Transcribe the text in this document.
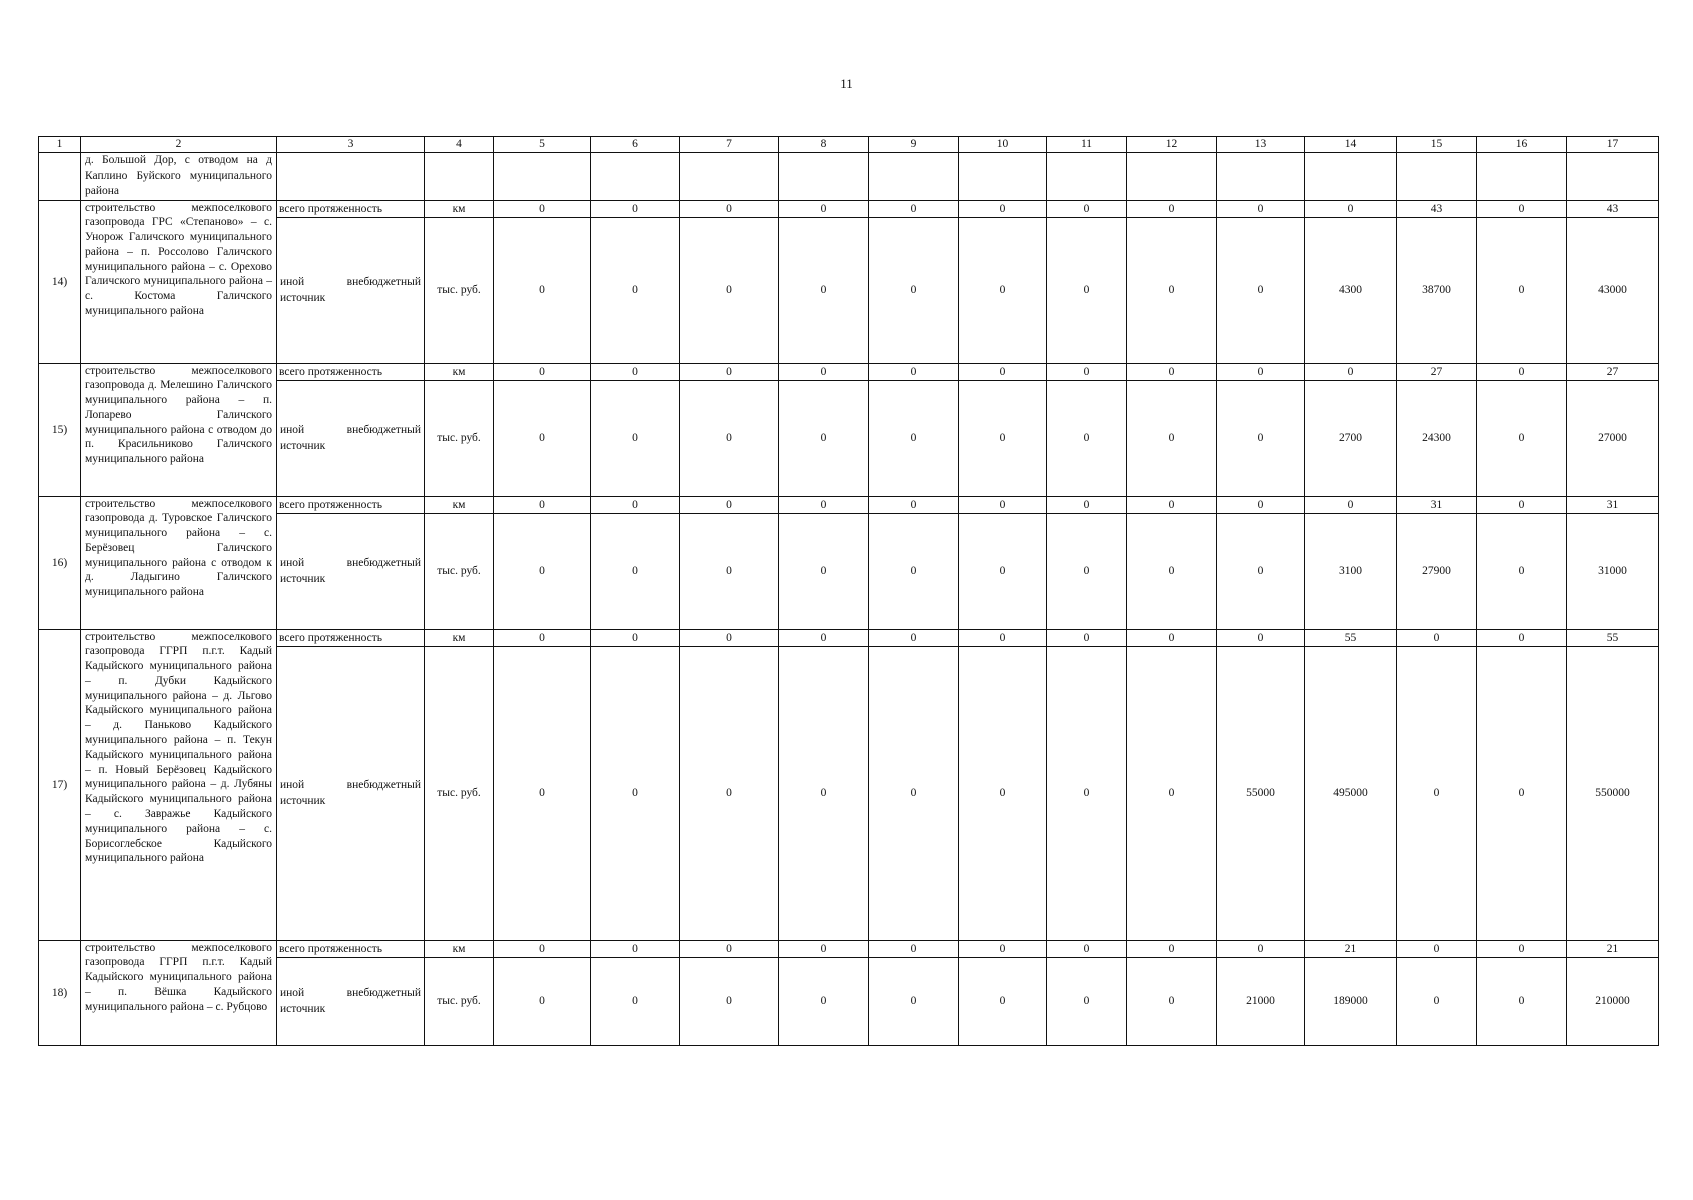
11
1	2	3	4	5	6	7	8	9	10	11	12	13	14	15	16	17
	д. Большой Дор, с отводом на д Каплино Буйского муниципального района															
14)	строительство межпоселкового газопровода ГРС «Степаново» – с. Унорож Галичского муниципального района – п. Россолово Галичского муниципального района – с. Орехово Галичского муниципального района – с. Костома Галичского муниципального района	всего протяженность	км	0	0	0	0	0	0	0	0	0	0	43	0	43
		иной внебюджетный источник	тыс. руб.	0	0	0	0	0	0	0	0	0	4300	38700	0	43000
15)	строительство межпоселкового газопровода д. Мелешино Галичского муниципального района – п. Лопарево Галичского муниципального района с отводом до п. Красильниково Галичского муниципального района	всего протяженность	км	0	0	0	0	0	0	0	0	0	0	27	0	27
		иной внебюджетный источник	тыс. руб.	0	0	0	0	0	0	0	0	0	2700	24300	0	27000
16)	строительство межпоселкового газопровода д. Туровское Галичского муниципального района – с. Берёзовец Галичского муниципального района с отводом к д. Ладыгино Галичского муниципального района	всего протяженность	км	0	0	0	0	0	0	0	0	0	0	31	0	31
		иной внебюджетный источник	тыс. руб.	0	0	0	0	0	0	0	0	0	3100	27900	0	31000
17)	строительство межпоселкового газопровода ГГРП п.г.т. Кадый Кадыйского муниципального района – п. Дубки Кадыйского муниципального района – д. Льгово Кадыйского муниципального района – д. Паньково Кадыйского муниципального района – п. Текун Кадыйского муниципального района – п. Новый Берёзовец Кадыйского муниципального района – д. Лубяны Кадыйского муниципального района – с. Завражье Кадыйского муниципального района – с. Борисоглебское Кадыйского муниципального района	всего протяженность	км	0	0	0	0	0	0	0	0	0	55	0	0	55
		иной внебюджетный источник	тыс. руб.	0	0	0	0	0	0	0	0	55000	495000	0	0	550000
18)	строительство межпоселкового газопровода ГГРП п.г.т. Кадый Кадыйского муниципального района – п. Вёшка Кадыйского муниципального района – с. Рубцово	всего протяженность	км	0	0	0	0	0	0	0	0	0	21	0	0	21
		иной внебюджетный источник	тыс. руб.	0	0	0	0	0	0	0	0	21000	189000	0	0	210000
